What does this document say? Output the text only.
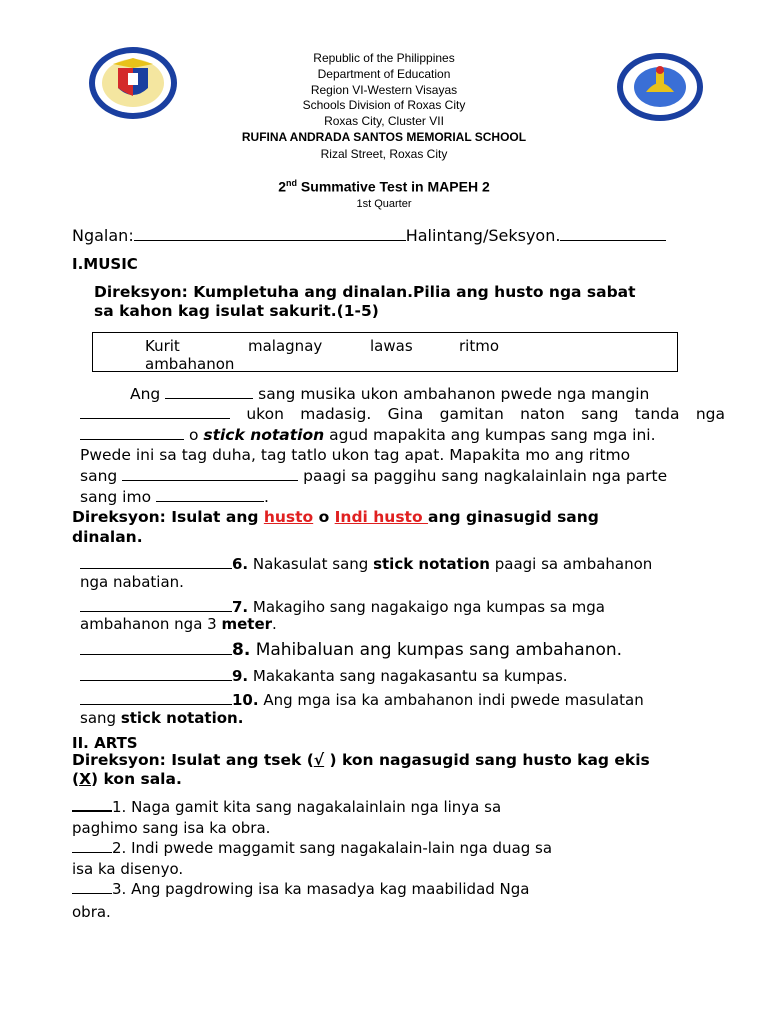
Republic of the Philippines
Department of Education
Region VI-Western Visayas
Schools Division of Roxas City
Roxas City, Cluster VII
RUFINA ANDRADA SANTOS MEMORIAL SCHOOL
Rizal Street, Roxas City
2nd Summative Test in MAPEH 2
1st Quarter
Ngalan:	Halintang/Seksyon.
I.MUSIC
Direksyon: Kumpletuha ang dinalan.Pilia ang husto nga sabat
sa kahon kag isulat sakurit.(1-5)
Kurit	malagnay	lawas	ritmo
ambahanon
Ang	sang musika ukon ambahanon pwede nga mangin
ukon madasig. Gina gamitan naton sang tanda nga
o stick notation agud mapakita ang kumpas sang mga ini.
Pwede ini sa tag duha, tag tatlo ukon tag apat. Mapakita mo ang ritmo
sang	paagi sa paggihu sang nagkalainlain nga parte
sang imo	.
Direksyon: Isulat ang husto o Indi husto ang ginasugid sang
dinalan.
6. Nakasulat sang stick notation paagi sa ambahanon
nga nabatian.
7. Makagiho sang nagakaigo nga kumpas sa mga
ambahanon nga 3 meter.
8. Mahibaluan ang kumpas sang ambahanon.
9. Makakanta sang nagakasantu sa kumpas.
10. Ang mga isa ka ambahanon indi pwede masulatan
sang stick notation.
II. ARTS
Direksyon: Isulat ang tsek (√ ) kon nagasugid sang husto kag ekis
(X) kon sala.
1. Naga gamit kita sang nagakalainlain nga linya sa
paghimo sang isa ka obra.
2. Indi pwede maggamit sang nagakalain-lain nga duag sa
isa ka disenyo.
3. Ang pagdrowing isa ka masadya kag maabilidad Nga
obra.
